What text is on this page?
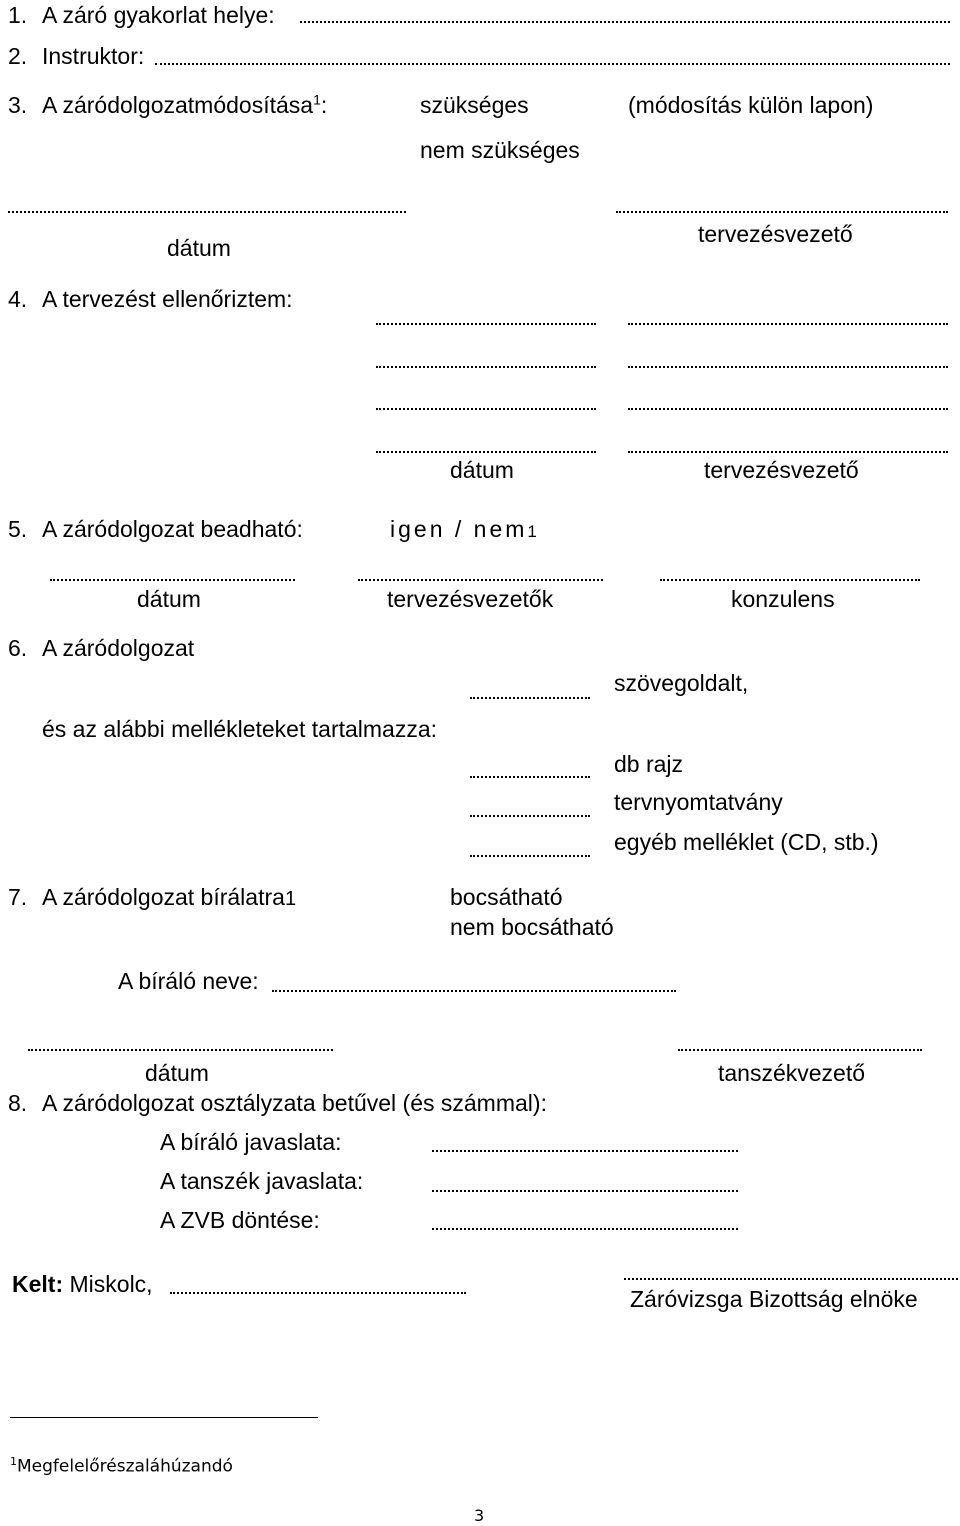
1. A záró gyakorlat helye:
2. Instruktor:
3. A záródolgozatmódosítása$^1$:	szükséges	(módosítás külön lapon)
nem szükséges
dátum
tervezésvezető
4. A tervezést ellenőriztem:
dátum	tervezésvezető
5. A záródolgozat beadható:	igen / nem1
dátum	tervezésvezetők	konzulens
6. A záródolgozat
szövegoldalt,
és az alábbi mellékleteket tartalmazza:
db rajz
tervnyomtatvány
egyéb melléklet (CD, stb.)
7. A záródolgozat bírálatra1	bocsátható
nem bocsátható
A bíráló neve:
dátum	tanszékvezető
8. A záródolgozat osztályzata betűvel (és számmal):
A bíráló javaslata:
A tanszék javaslata:
A ZVB döntése:
Kelt: Miskolc,
Záróvizsga Bizottság elnöke
$^1$Megfelelőrészaláhúzandó
3
